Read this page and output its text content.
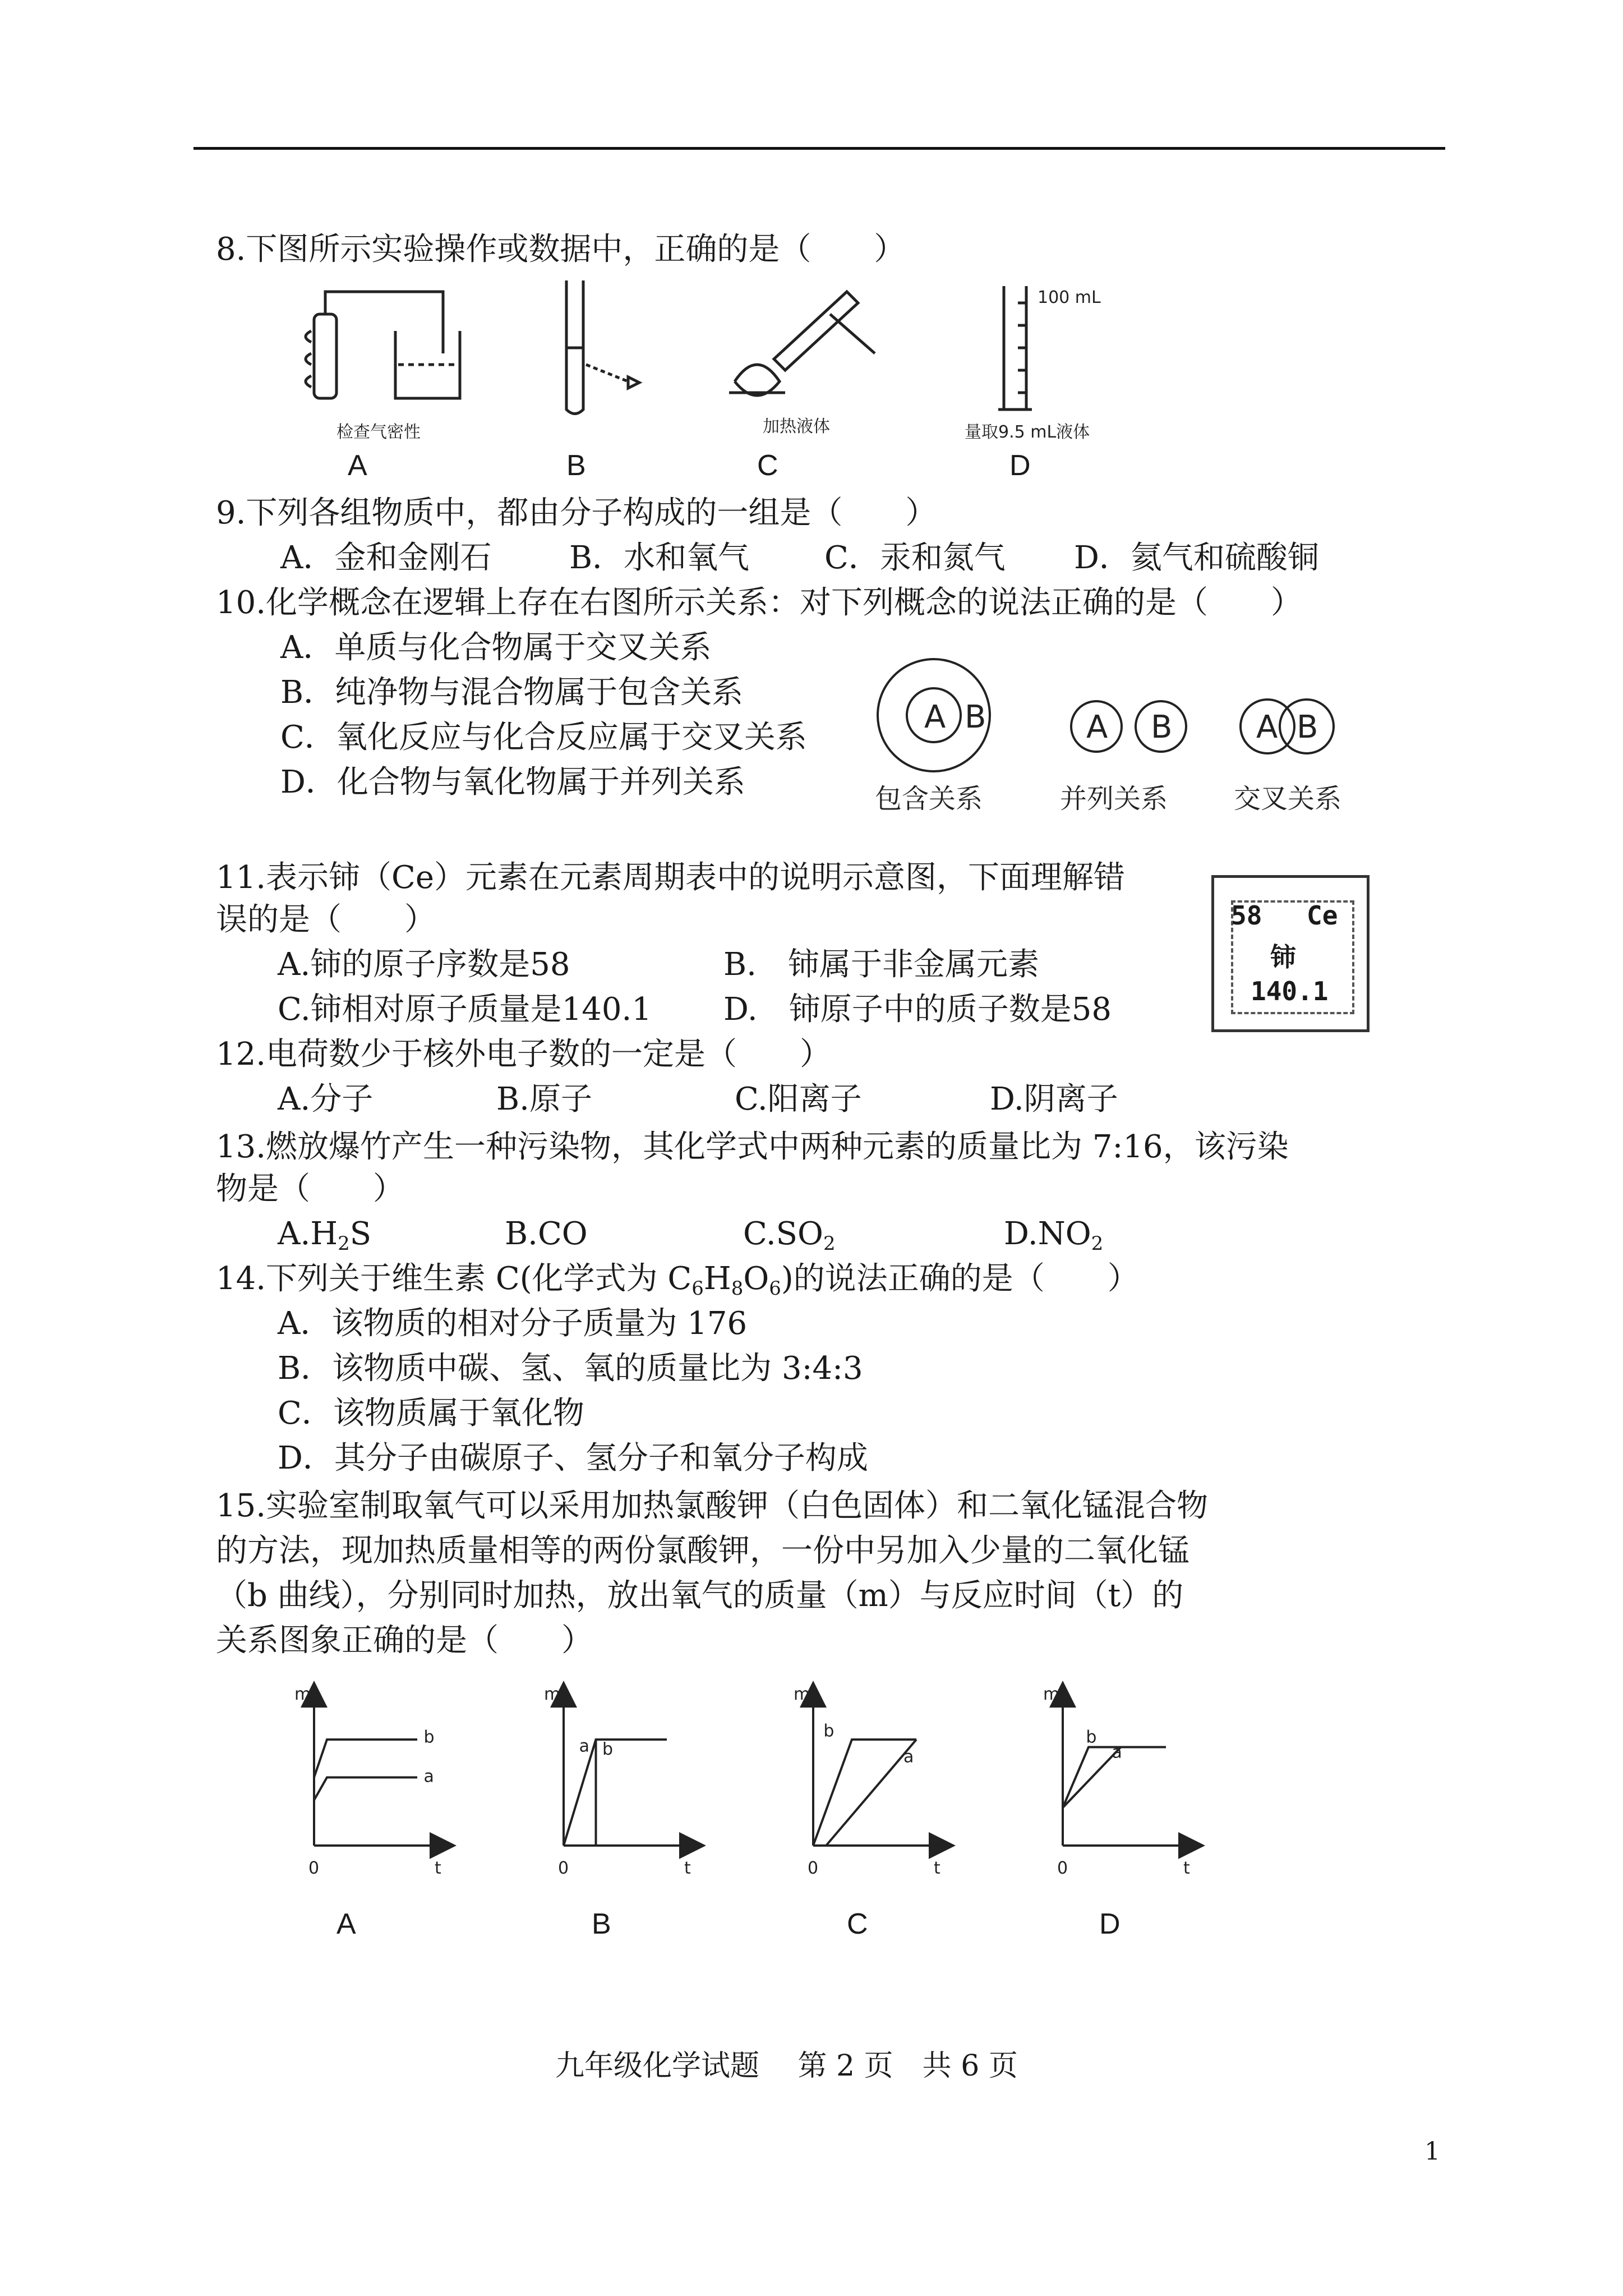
8.下图所示实验操作或数据中，正确的是（　　）
检查气密性	加热液体
100 mL
量取9.5 mL液体
A	B	C	D
9.下列各组物质中，都由分子构成的一组是（　　）
A．金和金刚石 B．水和氧气 C．汞和氮气 D．氦气和硫酸铜
10.化学概念在逻辑上存在右图所示关系：对下列概念的说法正确的是（　　）
A．单质与化合物属于交叉关系
B．纯净物与混合物属于包含关系
C．氧化反应与化合反应属于交叉关系
D．化合物与氧化物属于并列关系
A B	A B	A B
包含关系	并列关系 交叉关系
11.表示铈（Ce）元素在元素周期表中的说明示意图，下面理解错
误的是（　　）
A.铈的原子序数是58	B.　铈属于非金属元素
C.铈相对原子质量是140.1 D.　铈原子中的质子数是58
58 Ce
铈
140.1
12.电荷数少于核外电子数的一定是（　　）
A.分子	B.原子	C.阳离子	D.阴离子
13.燃放爆竹产生一种污染物，其化学式中两种元素的质量比为 7:16，该污染
物是（　　）
$A.H_2S$	B.CO	$C.SO_2$	$D.NO_2$
14.下列关于维生素 C(化学式为 $C_6H_8O_6$)的说法正确的是（　　）
A．该物质的相对分子质量为 176
B．该物质中碳、氢、氧的质量比为 3:4:3
C．该物质属于氧化物
D．其分子由碳原子、氢分子和氧分子构成
15.实验室制取氧气可以采用加热氯酸钾（白色固体）和二氧化锰混合物
的方法，现加热质量相等的两份氯酸钾，一份中另加入少量的二氧化锰
（b 曲线），分别同时加热，放出氧气的质量（m）与反应时间（t）的
关系图象正确的是（　　）
m
t
0
b
a
m
t
0
b
a
m
t
0
b
a
m
t
0
b
a
A	B	C	D
九年级化学试题　 第 2 页　共 6 页
1
